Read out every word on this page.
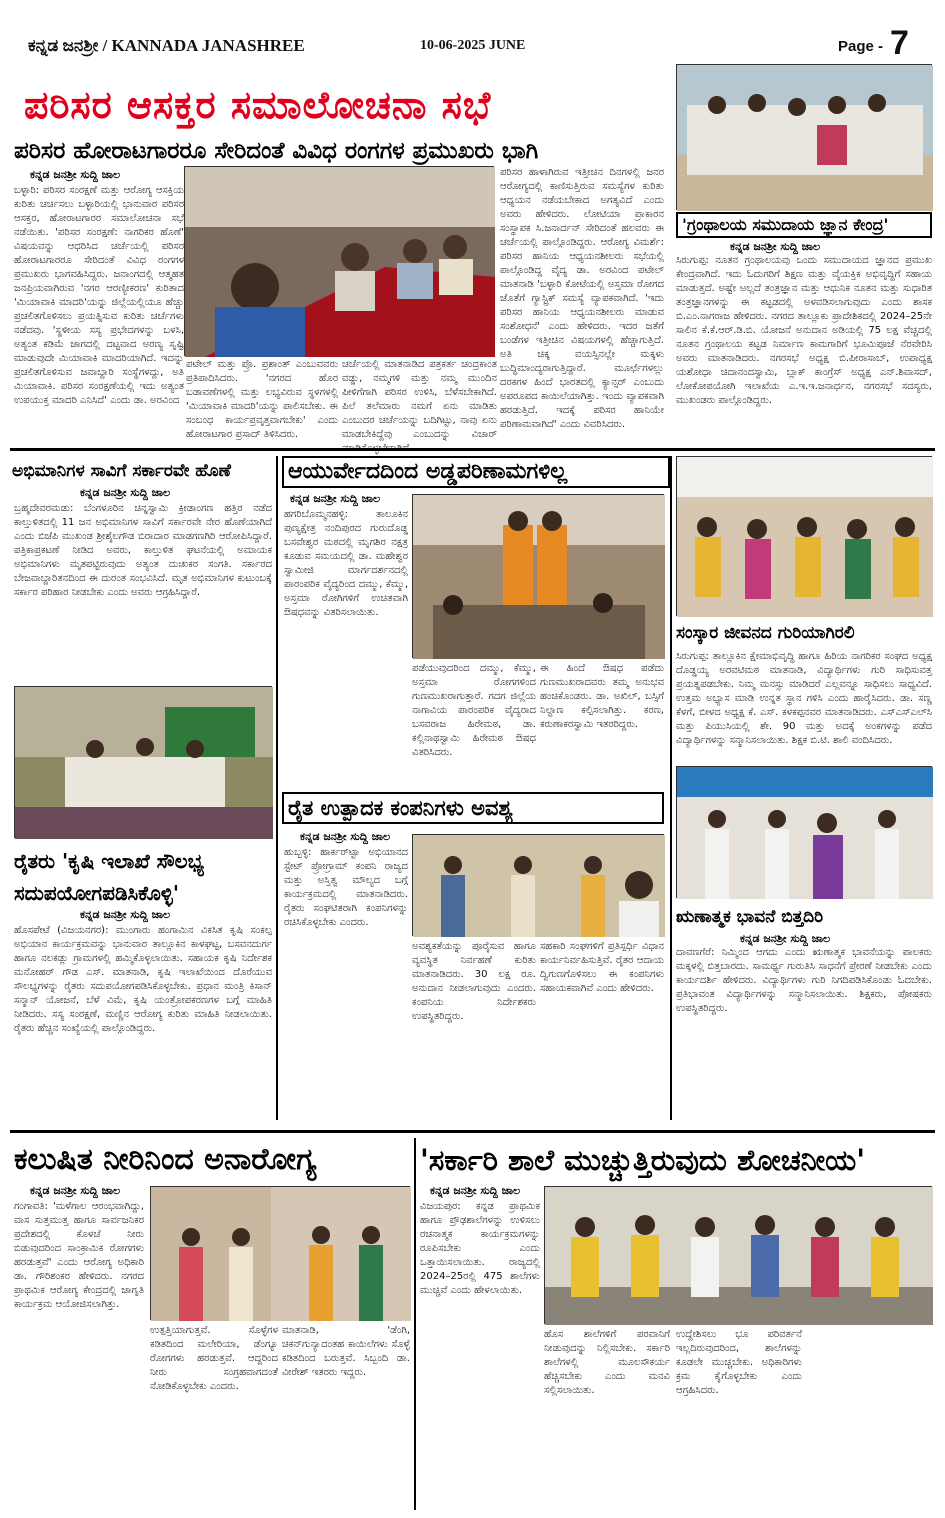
ಕನ್ನಡ ಜನಶ್ರೀ / KANNADA JANASHREE	10-06-2025 JUNE	Page - 7
ಪರಿಸರ ಆಸಕ್ತರ ಸಮಾಲೋಚನಾ ಸಭೆ
ಪರಿಸರ ಹೋರಾಟಗಾರರೂ ಸೇರಿದಂತೆ ವಿವಿಧ ರಂಗಗಳ ಪ್ರಮುಖರು ಭಾಗಿ
ಕನ್ನಡ ಜನಶ್ರೀ ಸುದ್ದಿ ಜಾಲ
ಬಳ್ಳಾರಿ: ಪರಿಸರ ಸಂರಕ್ಷಣೆ ಮತ್ತು ಆರೋಗ್ಯ ಆಸಕ್ತಿಯ ಕುರಿತು ಚರ್ಚಿಸಲು ಬಳ್ಳಾರಿಯಲ್ಲಿ ಭಾನುವಾರ ಪರಿಸರ ಆಸಕ್ತರ, ಹೋರಾಟಗಾರರ ಸಮಾಲೋಚನಾ ಸಭೆ ನಡೆಯಿತು. 'ಪರಿಸರ ಸಂರಕ್ಷಣೆ: ನಾಗರಿಕರ ಹೊಣೆ' ವಿಷಯವನ್ನು ಆಧರಿಸಿದ ಚರ್ಚೆಯಲ್ಲಿ ಪರಿಸರ ಹೋರಾಟಗಾರರೂ ಸೇರಿದಂತೆ ವಿವಿಧ ರಂಗಗಳ ಪ್ರಮುಖರು ಭಾಗವಹಿಸಿದ್ದರು. ಜನಾಂಗದಲ್ಲಿ ಆತ್ಮಹತ ಜನಪ್ರಿಯವಾಗಿರುವ 'ನಗರ ಆರಣ್ಯೀಕರಣ' ಕುರಿತಾದ 'ಮಿಯಾವಾಕಿ ಮಾದರಿ'ಯನ್ನು ಜಿಲ್ಲೆಯಲ್ಲಿಯೂ ಹೆಚ್ಚು ಪ್ರಚಲಿತಗೊಳಿಸಲು ಪ್ರಯತ್ನಿಸುವ ಕುರಿತು ಚರ್ಚೆಗಳು ನಡೆದವು. 'ಸ್ಥಳೀಯ ಸಸ್ಯ ಪ್ರಭೇದಗಳನ್ನು ಬಳಸಿ, ಅತ್ಯಂತ ಕಡಿಮೆ ಜಾಗದಲ್ಲಿ ದಟ್ಟವಾದ ಅರಣ್ಯ ಸೃಷ್ಟಿ ಮಾಡುವುದೇ ಮಿಯಾವಾಕಿ ಮಾದರಿಯಾಗಿದೆ. ಇದನ್ನು ಪ್ರಚಲಿತಗೊಳಿಸುವ ಜವಾಬ್ದಾರಿ ಸಂಸ್ಥೆಗಳದ್ದು, ಅತಿ ಮಿಯಾವಾಕಿ. ಪರಿಸರ ಸಂರಕ್ಷಣೆಯಲ್ಲಿ ಇದು ಅತ್ಯಂತ ಉಪಯುಕ್ತ ಮಾದರಿ ಎನಿಸಿದೆ' ಎಂದು ಡಾ. ಅರವಿಂದ
ಪಟೇಲ್ ಮತ್ತು ಪ್ರೊ. ಪ್ರಶಾಂತ್ ಎಂಬುವವರು ಪ್ರತಿಪಾದಿಸಿದರು. 'ನಗರದ ಹೊರ ಬಡಾವಣೆಗಳಲ್ಲಿ ಮತ್ತು ಲಭ್ಯವಿರುವ ಸ್ಥಳಗಳಲ್ಲಿ 'ಮಿಯಾವಾಕಿ ಮಾದರಿ'ಯನ್ನು ಪಾಲಿಸಬೇಕು. ಈ ಸಂಬಂಧ ಕಾರ್ಯಪ್ರವೃತ್ತವಾಗಬೇಕು' ಎಂದು ಹೋರಾಟಗಾರ ಪ್ರಸಾದ್ ತಿಳಿಸಿದರು.
ಚರ್ಚೆಯಲ್ಲಿ ಮಾತನಾಡಿದ ಪತ್ರಕರ್ತ ಚಂದ್ರಕಾಂತ ವಡ್ಡು, ನಮ್ಮಗಳಿ ಮತ್ತು ನಮ್ಮ ಮುಂದಿನ ಪೀಳಿಗೆಗಾಗಿ ಪರಿಸರ ಉಳಿಸಿ, ಬೆಳೆಸಬೇಕಾಗಿದೆ. ಪಿಲೆ ತಲೆಮಾರು ನಮಗೆ ಏನು ಮಾಡಿತು ಎಂಬುದರ ಚರ್ಚೆಯನ್ನು ಬದಿಗಿಟ್ಟು, ನಾವು ಏನು ಮಾಡಬೇಕಿದ್ದೆವು ಎಂಬುದನ್ನು ವಿಚಾರ್
ಪರಿಸರ ಹಾಳಾಗಿರುವ ಇತ್ತೀಚಿನ ದಿನಗಳಲ್ಲಿ ಜನರ ಆರೋಗ್ಯದಲ್ಲಿ ಕಾಣಿಸುತ್ತಿರುವ ಸಮಸ್ಯೆಗಳ ಕುರಿತು ಆಧ್ಯಯನ ನಡೆಯಬೇಕಾದ ಅಗತ್ಯವಿದೆ ಎಂದು ಅವರು ಹೇಳಿದರು. ಲೋಟಿಯಾ ಪ್ರಾಕಾರನ ಸಂಸ್ಥಾಪಕ ಸಿ.ಜನಾರ್ದನ್ ಸೇರಿದಂತೆ ಹಲವರು ಈ ಚರ್ಚೆಯಲ್ಲಿ ಪಾಲ್ಗೊಂಡಿದ್ದರು. ಆರೋಗ್ಯ ವಿಮರ್ಶೆ: ಪರಿಸರ ಹಾನಿಯ ಆಧ್ಯಯನಶೀಲರು ಸಭೆಯಲ್ಲಿ ಪಾಲ್ಗೊಂಡಿದ್ದ ವೈದ್ಯ ಡಾ. ಅರವಿಂದ ಪಟೇಲ್ ಮಾತನಾಡಿ 'ಬಳ್ಳಾರಿ ಕೋಟೆಯಲ್ಲಿ ಅಸ್ತಮಾ ರೋಗದ ಜೊತೆಗೆ ಗ್ಯಾಸ್ಟ್ರಿಕ್ ಸಮಸ್ಯೆ ವ್ಯಾಪಕವಾಗಿದೆ. 'ಇದು ಪರಿಸರ ಹಾನಿಯ ಆಧ್ಯಯನಶೀಲರು ಮಾಡುವ ಸಂಶೋಧನೆ' ಎಂದು ಹೇಳಿದರು. ಇದರ ಜತೆಗೆ ಬಂಡೆಗಳ ಇತ್ತೀಚಿನ ವಿಷಯಗಳಲ್ಲಿ ಹೆಚ್ಚಾಗುತ್ತಿದೆ. ಅತಿ ಚಿಕ್ಕ ವಯಸ್ಸಿನಲ್ಲೇ ಮಕ್ಕಳು ಬುದ್ಧಿಮಾಂದ್ಯರಾಗುತ್ತಿದ್ದಾರೆ. ಮೂರ್ಛೆಗಳಲ್ಲು ದರಕಗಳ ಹಿಂದೆ ಭಾರತದಲ್ಲಿ ಕ್ಯಾನ್ಸರ್ ಎಂಬುದು ಅಪರೂಪದ ಕಾಯಿಲೆಯಾಗಿತ್ತು. ಇಂದು ವ್ಯಾಪಕವಾಗಿ ಹರಡುತ್ತಿದೆ. ಇದಕ್ಕೆ ಪರಿಸರ ಹಾನಿಯೇ ಪರಿಣಾಮವಾಗಿದೆ' ಎಂದು ವಿವರಿಸಿದರು.
'ಗ್ರಂಥಾಲಯ ಸಮುದಾಯ ಜ್ಞಾನ ಕೇಂದ್ರ'
ಕನ್ನಡ ಜನಶ್ರೀ ಸುದ್ದಿ ಜಾಲ
ಸಿರುಗುಪ್ಪ: ನೂತನ ಗ್ರಂಥಾಲಯವು ಒಂದು ಸಮುದಾಯದ ಜ್ಞಾನದ ಪ್ರಮುಖ ಕೇಂದ್ರವಾಗಿದೆ. ಇದು ಓದುಗರಿಗೆ ಶಿಕ್ಷಣ ಮತ್ತು ವೈಯಕ್ತಿಕ ಅಭಿವೃದ್ಧಿಗೆ ಸಹಾಯ ಮಾಡುತ್ತದೆ. ಅಷ್ಟೇ ಅಲ್ಲದೆ ತಂತ್ರಜ್ಞಾನ ಮತ್ತು ಆಧುನಿಕ ನೂತನ ಮತ್ತು ಸುಧಾರಿತ ತಂತ್ರಜ್ಞಾನಗಳನ್ನು ಈ ಕಟ್ಟಡದಲ್ಲಿ ಅಳವಡಿಸಲಾಗುವುದು ಎಂದು ಶಾಸಕ ಬಿ.ಎಂ.ನಾಗರಾಜ ಹೇಳಿದರು. ನಗರದ ತಾಲ್ಲೂಕು ಪ್ರಾದೇಶಿಕದಲ್ಲಿ 2024–25ನೇ ಸಾಲಿನ ಕೆ.ಕೆ.ಆರ್.ಡಿ.ಬಿ. ಯೋಜನೆ ಅನುದಾನ ಅಡಿಯಲ್ಲಿ 75 ಲಕ್ಷ ವೆಚ್ಚದಲ್ಲಿ ನೂತನ ಗ್ರಂಥಾಲಯ ಕಟ್ಟಡ ನಿರ್ಮಾಣ ಕಾಮಗಾರಿಗೆ ಭೂಮಿಪೂಜೆ ನೆರವೇರಿಸಿ ಅವರು ಮಾತನಾಡಿದರು. ನಗರಸಭೆ ಅಧ್ಯಕ್ಷ ಬಿ.ಪೀರಾಸಾಬ್, ಉಪಾಧ್ಯಕ್ಷ ಯಶೋಧಾ ಚಿದಾನಂದಸ್ವಾಮಿ, ಬ್ಲಾಕ್ ಕಾಂಗ್ರೆಸ್ ಅಧ್ಯಕ್ಷ ಎನ್.ಶಿವಾಸದ್, ಲೋಕೋಪಯೋಗಿ ಇಲಾಖೆಯ ಎ.ಇ.ಇ.ಜನಾರ್ಧನ, ನಗರಸಭೆ ಸದಸ್ಯರು, ಮುಖಂಡರು ಪಾಲ್ಗೊಂಡಿದ್ದರು.
ಅಭಿಮಾನಿಗಳ ಸಾವಿಗೆ ಸರ್ಕಾರವೇ ಹೊಣೆ
ಕನ್ನಡ ಜನಶ್ರೀ ಸುದ್ದಿ ಜಾಲ
ಬ್ರಹ್ಮದೇವರಮಡು: ಬೆಂಗಳೂರಿನ ಚಿನ್ನಸ್ವಾಮಿ ಕ್ರೀಡಾಂಗಣ ಹತ್ತಿರ ನಡೆದ ಕಾಲ್ತುಳಿತದಲ್ಲಿ 11 ಜನ ಅಭಿಮಾನಿಗಳ ಸಾವಿಗೆ ಸರ್ಕಾರವೇ ನೇರ ಹೊಣೆಯಾಗಿದೆ ಎಂದು ಬಿಜೆಪಿ ಮುಖಂಡ ಶ್ರೀಶೈಲಗೌಡ ಬಿರಾದಾರ ಮಾಡಗಣಗಿರಿ ಆರೋಪಿಸಿದ್ದಾರೆ. ಪತ್ರಿಕಾಪ್ರಕಟಣೆ ನೀಡಿದ ಅವರು, ಕಾಲ್ತುಳಿತ ಘಟನೆಯಲ್ಲಿ ಅಮಾಯಕ ಅಭಿಮಾನಿಗಳು ಮೃತಪಟ್ಟಿರುವುದು ಅತ್ಯಂತ ದುಃಖಕರ ಸಂಗತಿ. ಸರ್ಕಾರದ ಬೇಜವಾಬ್ದಾರಿತನದಿಂದ ಈ ದುರಂತ ಸಂಭವಿಸಿದೆ. ಮೃತ ಅಭಿಮಾನಿಗಳ ಕುಟುಂಬಕ್ಕೆ ಸರ್ಕಾರ ಪರಿಹಾರ ನೀಡಬೇಕು ಎಂದು ಅವರು ಆಗ್ರಹಿಸಿದ್ದಾರೆ.
ಆಯುರ್ವೇದದಿಂದ ಅಡ್ಡಪರಿಣಾಮಗಳಿಲ್ಲ
ಕನ್ನಡ ಜನಶ್ರೀ ಸುದ್ದಿ ಜಾಲ
ಹಗರಿಬೊಮ್ಮನಹಳ್ಳಿ: ತಾಲೂಕಿನ ಪುಣ್ಯಕ್ಷೇತ್ರ ನಂದಿಪುರದ ಗುರುದೊಡ್ಡ ಬಸವೇಶ್ವರ ಮಠದಲ್ಲಿ ಮೃಗಶಿರ ನಕ್ಷತ್ರ ಕೂಡುವ ಸಮಯದಲ್ಲಿ ಡಾ. ಮಹೇಶ್ವರ ಸ್ವಾಮೀಜಿ ಮಾರ್ಗದರ್ಶನದಲ್ಲಿ ಪಾರಂಪರಿಕ ವೈದ್ಯರಿಂದ ದಮ್ಮು, ಕೆಮ್ಮು, ಅಸ್ತಮಾ ರೋಗಿಗಳಿಗೆ ಉಚಿತವಾಗಿ ಔಷಧವನ್ನು ವಿತರಿಸಲಾಯಿತು.
ಪಡೆಯುವುದರಿಂದ ದಮ್ಮು, ಕೆಮ್ಮು, ಅಸ್ತಮಾ ರೋಗಗಳಿಂದ ಗುಣಮುಖರಾಗುತ್ತಾರೆ. ಗದಗ ಜಿಲ್ಲೆಯ ನಾಗಾವಿಯ ಪಾರಂಪರಿಕ ವೈದ್ಯರಾದ ಬಸವರಾಜ ಹಿರೇಮಠ, ಡಾ. ಕಲ್ಲಿನಾಥಸ್ವಾಮಿ ಹಿರೇಮಠ ಔಷಧ ವಿತರಿಸಿದರು.
ಈ ಹಿಂದೆ ಔಷಧ ಪಡೆದು ಗುಣಮುಖರಾದವರು ತಮ್ಮ ಅನುಭವ ಹಂಚಿಕೊಂಡರು. ಡಾ. ಅಖಿಲ್, ಬಸ್ಸಿಗೆ ನಿಲ್ದಾಣ ಕಲ್ಪಿಸಲಾಗಿತ್ತು. ಕರಣ, ಕರುಣಾಕರಸ್ವಾಮಿ ಇತರರಿದ್ದರು.
ಸಂಸ್ಕಾರ ಜೀವನದ ಗುರಿಯಾಗಿರಲಿ
ಸಿರುಗುಪ್ಪ: ತಾಲ್ಲೂಕಿನ ಕ್ಷೇಮಾಭಿವೃದ್ಧಿ ಹಾಗೂ ಹಿರಿಯ ನಾಗರಿಕರ ಸಂಘದ ಅಧ್ಯಕ್ಷ ದೊಡ್ಡಯ್ಯ ಅರವಟಿಮಠ ಮಾತನಾಡಿ, ವಿದ್ಯಾರ್ಥಿಗಳು ಗುರಿ ಸಾಧಿಸುವತ್ತ ಪ್ರಯತ್ನಪಡಬೇಕು. ನಿಮ್ಮ ಮನಸ್ಸು ಮಾಡಿದರೆ ಎಲ್ಲವನ್ನೂ ಸಾಧಿಸಲು ಸಾಧ್ಯವಿದೆ. ಉತ್ತಮ ಅಭ್ಯಾಸ ಮಾಡಿ ಉನ್ನತ ಸ್ಥಾನ ಗಳಿಸಿ ಎಂದು ಹಾರೈಸಿದರು. ಡಾ. ಸಣ್ಣ ಕೆಳಗೆ, ಬೀಳದ ಅಧ್ಯಕ್ಷ ಕೆ. ಎಸ್. ಕಳಕಪ್ಪನವರ ಮಾತನಾಡಿದರು. ಎಸ್ಎಸ್ಎಲ್‌ಸಿ ಮತ್ತು ಪಿಯುಸಿಯಲ್ಲಿ ಶೇ. 90 ಮತ್ತು ಅದಕ್ಕೆ ಅಂಕಗಳನ್ನು ಪಡೆದ ವಿದ್ಯಾರ್ಥಿಗಳನ್ನು ಸನ್ಮಾನಿಸಲಾಯಿತು. ಶಿಕ್ಷಕ ಬಿ.ಟಿ. ಶಾಲಿ ವಂದಿಸಿದರು.
ರೈತರು 'ಕೃಷಿ ಇಲಾಖೆ ಸೌಲಭ್ಯ
ಸದುಪಯೋಗಪಡಿಸಿಕೊಳ್ಳಿ'
ಕನ್ನಡ ಜನಶ್ರೀ ಸುದ್ದಿ ಜಾಲ
ಹೊಸಪೇಟೆ (ವಿಜಯನಗರ): ಮುಂಗಾರು ಹಂಗಾಮಿನ ವಿಕಸಿತ ಕೃಷಿ ಸಂಕಲ್ಪ ಅಭಿಯಾನ ಕಾರ್ಯಕ್ರಮವನ್ನು ಭಾನುವಾರ ತಾಲ್ಲೂಕಿನ ಕಾಳಘಟ್ಟ, ಬಸವನದುರ್ಗ ಹಾಗೂ ನಲಕಡ್ಲು ಗ್ರಾಮಗಳಲ್ಲಿ ಹಮ್ಮಿಕೊಳ್ಳಲಾಯಿತು. ಸಹಾಯಕ ಕೃಷಿ ನಿರ್ದೇಶಕ ಮನೋಹರ್ ಗೌಡ ಎಸ್. ಮಾತನಾಡಿ, ಕೃಷಿ ಇಲಾಖೆಯಿಂದ ದೊರೆಯುವ ಸೌಲಭ್ಯಗಳನ್ನು ರೈತರು ಸದುಪಯೋಗಪಡಿಸಿಕೊಳ್ಳಬೇಕು. ಪ್ರಧಾನ ಮಂತ್ರಿ ಕಿಸಾನ್ ಸನ್ಮಾನ್ ಯೋಜನೆ, ಬೆಳೆ ವಿಮೆ, ಕೃಷಿ ಯಂತ್ರೋಪಕರಣಗಳ ಬಗ್ಗೆ ಮಾಹಿತಿ ನೀಡಿದರು. ಸಸ್ಯ ಸಂರಕ್ಷಣೆ, ಮಣ್ಣಿನ ಆರೋಗ್ಯ ಕುರಿತು ಮಾಹಿತಿ ನೀಡಲಾಯಿತು. ರೈತರು ಹೆಚ್ಚಿನ ಸಂಖ್ಯೆಯಲ್ಲಿ ಪಾಲ್ಗೊಂಡಿದ್ದರು.
ರೈತ ಉತ್ಪಾದಕ ಕಂಪನಿಗಳು ಅವಶ್ಯ
ಕನ್ನಡ ಜನಶ್ರೀ ಸುದ್ದಿ ಜಾಲ
ಹುಬ್ಬಳ್ಳಿ: ಹಾರ್ಕರ್‌ಟ್ಟಾ ಅಭಿಯಾನದ ಸ್ಟೇಟ್ ಪ್ರೋಗ್ರಾಮ್ ಕಂಪನಿ ರಾಜ್ಯದ ಮತ್ತು ಅಸ್ತಿತ್ವ ಮೌಲ್ಯದ ಬಗ್ಗೆ ಕಾರ್ಯಕ್ರಮದಲ್ಲಿ ಮಾತನಾಡಿದರು. ರೈತರು ಸಂಘಟಿತರಾಗಿ ಕಂಪನಿಗಳನ್ನು ರಚಿಸಿಕೊಳ್ಳಬೇಕು ಎಂದರು.
ಅವಶ್ಯಕತೆಯನ್ನು ಪೂರೈಸುವ ಹಾಗೂ ವ್ಯವಸ್ಥಿತ ನಿರ್ವಹಣೆ ಕುರಿತು ಮಾತನಾಡಿದರು. 30 ಲಕ್ಷ ರೂ. ಅನುದಾನ ನೀಡಲಾಗುವುದು ಎಂದರು. ಕಂಪನಿಯ ನಿರ್ದೇಶಕರು ಉಪಸ್ಥಿತರಿದ್ದರು.
ಸಹಕಾರಿ ಸಂಘಗಳಿಗೆ ಪ್ರತಿಸ್ಪರ್ಧಿ ವಿಧಾನ ಕಾರ್ಯನಿರ್ವಹಿಸುತ್ತಿವೆ. ರೈತರ ಆದಾಯ ದ್ವಿಗುಣಗೊಳಿಸಲು ಈ ಕಂಪನಿಗಳು ಸಹಾಯಕವಾಗಿವೆ ಎಂದು ಹೇಳಿದರು.
ಋಣಾತ್ಮಕ ಭಾವನೆ ಬಿತ್ತದಿರಿ
ಕನ್ನಡ ಜನಶ್ರೀ ಸುದ್ದಿ ಜಾಲ
ದಾವಣಗೆರೆ: ನಿಮ್ಮಿಂದ ಆಗದು ಎಂದು ಋಣಾತ್ಮಕ ಭಾವನೆಯನ್ನು ಪಾಲಕರು ಮಕ್ಕಳಲ್ಲಿ ಬಿತ್ತಬಾರದು. ಸಾಮರ್ಥ್ಯ ಗುರುತಿಸಿ ಸಾಧನೆಗೆ ಪ್ರೇರಣೆ ನೀಡಬೇಕು ಎಂದು ಕಾರ್ಯದರ್ಶಿ ಹೇಳಿದರು. ವಿದ್ಯಾರ್ಥಿಗಳು ಗುರಿ ನಿಗದಿಪಡಿಸಿಕೊಂಡು ಓದಬೇಕು. ಪ್ರತಿಭಾವಂತ ವಿದ್ಯಾರ್ಥಿಗಳನ್ನು ಸನ್ಮಾನಿಸಲಾಯಿತು. ಶಿಕ್ಷಕರು, ಪೋಷಕರು ಉಪಸ್ಥಿತರಿದ್ದರು.
ಕಲುಷಿತ ನೀರಿನಿಂದ ಅನಾರೋಗ್ಯ
ಕನ್ನಡ ಜನಶ್ರೀ ಸುದ್ದಿ ಜಾಲ
ಗಂಗಾವತಿ: 'ಮಳೆಗಾಲ ಆರಂಭವಾಗಿದ್ದು, ವಾಸ ಸುತ್ತಮುತ್ತ ಹಾಗೂ ಸಾರ್ವಜನಿಕರ ಪ್ರದೇಶದಲ್ಲಿ ಕೊಳಚೆ ನೀರು ಬಿಡುವುದರಿಂದ ಸಾಂಕ್ರಾಮಿಕ ರೋಗಗಳು ಹರಡುತ್ತವೆ' ಎಂದು ಆರೋಗ್ಯ ಅಧಿಕಾರಿ ಡಾ. ಗೌರಿಶಂಕರ ಹೇಳಿದರು. ನಗರದ ಪ್ರಾಥಮಿಕ ಆರೋಗ್ಯ ಕೇಂದ್ರದಲ್ಲಿ ಜಾಗೃತಿ ಕಾರ್ಯಕ್ರಮ ಆಯೋಜಿಸಲಾಗಿತ್ತು.
ಉತ್ಪತ್ತಿಯಾಗುತ್ತವೆ. ಸೊಳ್ಳೆಗಳ ಕಡಿತದಿಂದ ಮಲೇರಿಯಾ, ಡೆಂಗ್ಯೂ ರೋಗಗಳು ಹರಡುತ್ತವೆ. ಆದ್ದರಿಂದ ನೀರು ಸಂಗ್ರಹವಾಗದಂತೆ ನೋಡಿಕೊಳ್ಳಬೇಕು ಎಂದರು.
ಮಾತನಾಡಿ, 'ಡೆಂಗಿ, ಚಿಕನ್‌ಗುನ್ಯಾದಂತಹ ಕಾಯಿಲೆಗಳು ಸೊಳ್ಳೆ ಕಡಿತದಿಂದ ಬರುತ್ತವೆ. ಸಿಬ್ಬಂದಿ ಡಾ. ವೀರೇಶ್ ಇತರರು ಇದ್ದರು.
'ಸರ್ಕಾರಿ ಶಾಲೆ ಮುಚ್ಚುತ್ತಿರುವುದು ಶೋಚನೀಯ'
ಕನ್ನಡ ಜನಶ್ರೀ ಸುದ್ದಿ ಜಾಲ
ವಿಜಯಪುರ: ಕನ್ನಡ ಪ್ರಾಥಮಿಕ ಹಾಗೂ ಪ್ರೌಢಶಾಲೆಗಳನ್ನು ಉಳಿಸಲು ರಚನಾತ್ಮಕ ಕಾರ್ಯಕ್ರಮಗಳನ್ನು ರೂಪಿಸಬೇಕು ಎಂದು ಒತ್ತಾಯಿಸಲಾಯಿತು. ರಾಜ್ಯದಲ್ಲಿ 2024–25ರಲ್ಲಿ 475 ಶಾಲೆಗಳು ಮುಚ್ಚಿವೆ ಎಂದು ಹೇಳಲಾಯಿತು.
ಹೊಸ ಶಾಲೆಗಳಿಗೆ ಪರವಾನಿಗೆ ನೀಡುವುದನ್ನು ನಿಲ್ಲಿಸಬೇಕು. ಸರ್ಕಾರಿ ಶಾಲೆಗಳಲ್ಲಿ ಮೂಲಸೌಕರ್ಯ ಹೆಚ್ಚಿಸಬೇಕು ಎಂದು ಮನವಿ ಸಲ್ಲಿಸಲಾಯಿತು.
ಉದ್ದೇಶಿಸಲು ಭೂ ಪರಿವರ್ತನೆ ಇಲ್ಲದಿರುವುದರಿಂದ, ಶಾಲೆಗಳನ್ನು ಕೂಡಲೇ ಮುಚ್ಚಬೇಕು. ಅಧಿಕಾರಿಗಳು ಕ್ರಮ ಕೈಗೊಳ್ಳಬೇಕು ಎಂದು ಆಗ್ರಹಿಸಿದರು.
